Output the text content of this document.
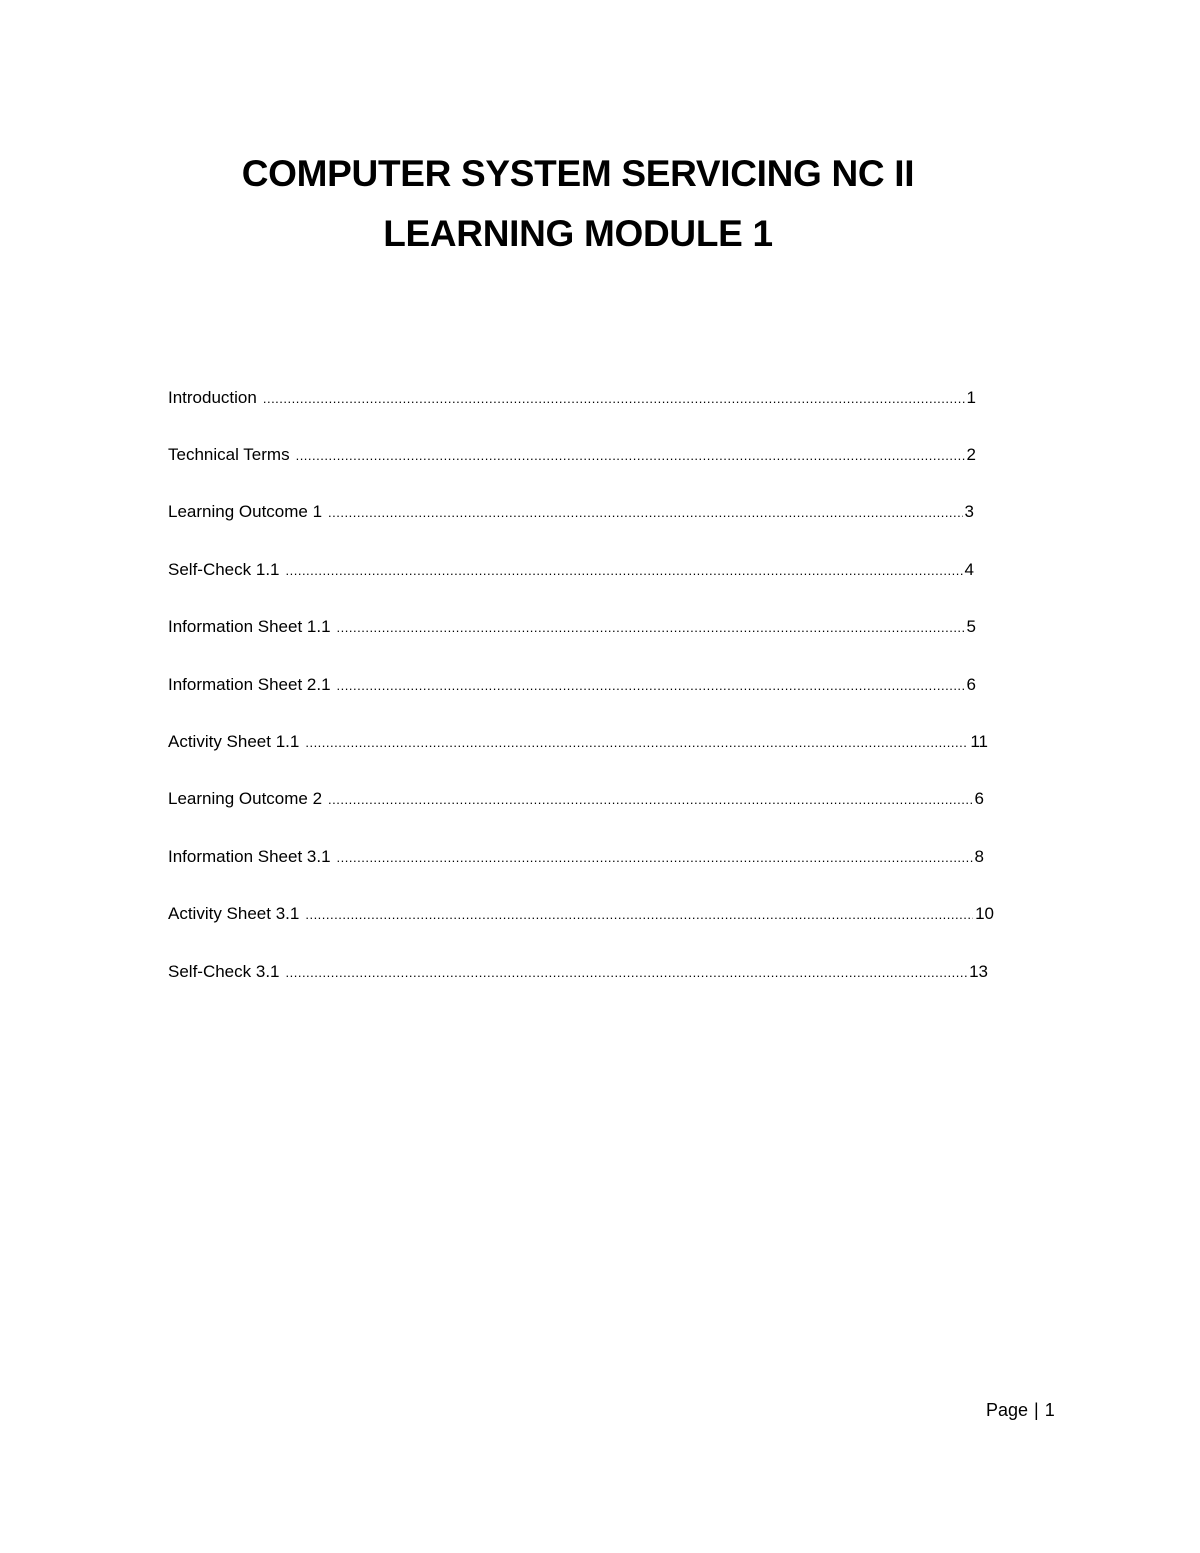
COMPUTER SYSTEM SERVICING NC II
LEARNING MODULE 1
Introduction .....	1
Technical Terms .....	2
Learning Outcome 1 .....	3
Self-Check 1.1 .....	4
Information Sheet 1.1 .....	5
Information Sheet 2.1 .....	6
Activity Sheet 1.1 .....	11
Learning Outcome 2 .....	6
Information Sheet 3.1 .....	8
Activity Sheet 3.1 .....	10
Self-Check 3.1 .....	13
Page | 1
